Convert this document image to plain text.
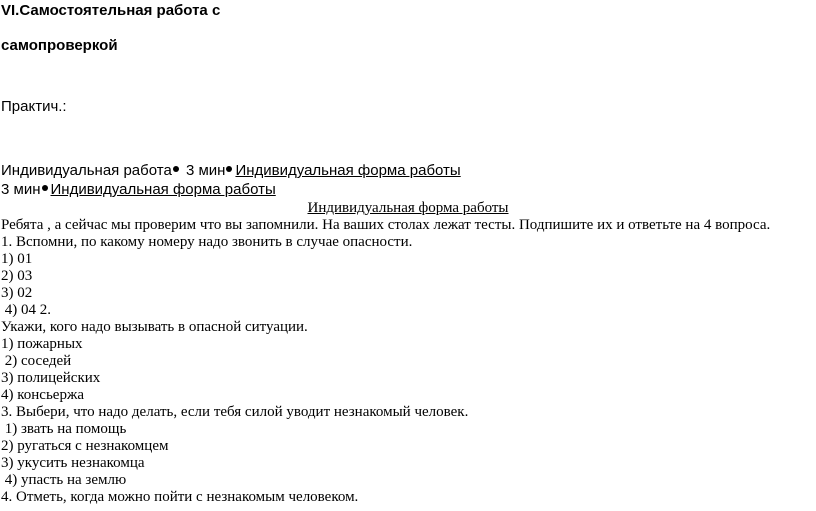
VI.Самостоятельная работа с
самопроверкой
Практич.:
Индивидуальная работа 3 мин Индивидуальная форма работы
3 мин Индивидуальная форма работы
Индивидуальная форма работы
Ребята , а сейчас мы проверим что вы запомнили. На ваших столах лежат тесты. Подпишите их и ответьте на 4 вопроса.
1. Вспомни, по какому номеру надо звонить в случае опасности.
1) 01
2) 03
3) 02
4) 04 2.
Укажи, кого надо вызывать в опасной ситуации.
1) пожарных
2) соседей
3) полицейских
4) консьержа
3. Выбери, что надо делать, если тебя силой уводит незнакомый человек.
1) звать на помощь
2) ругаться с незнакомцем
3) укусить незнакомца
4) упасть на землю
4. Отметь, когда можно пойти с незнакомым человеком.
